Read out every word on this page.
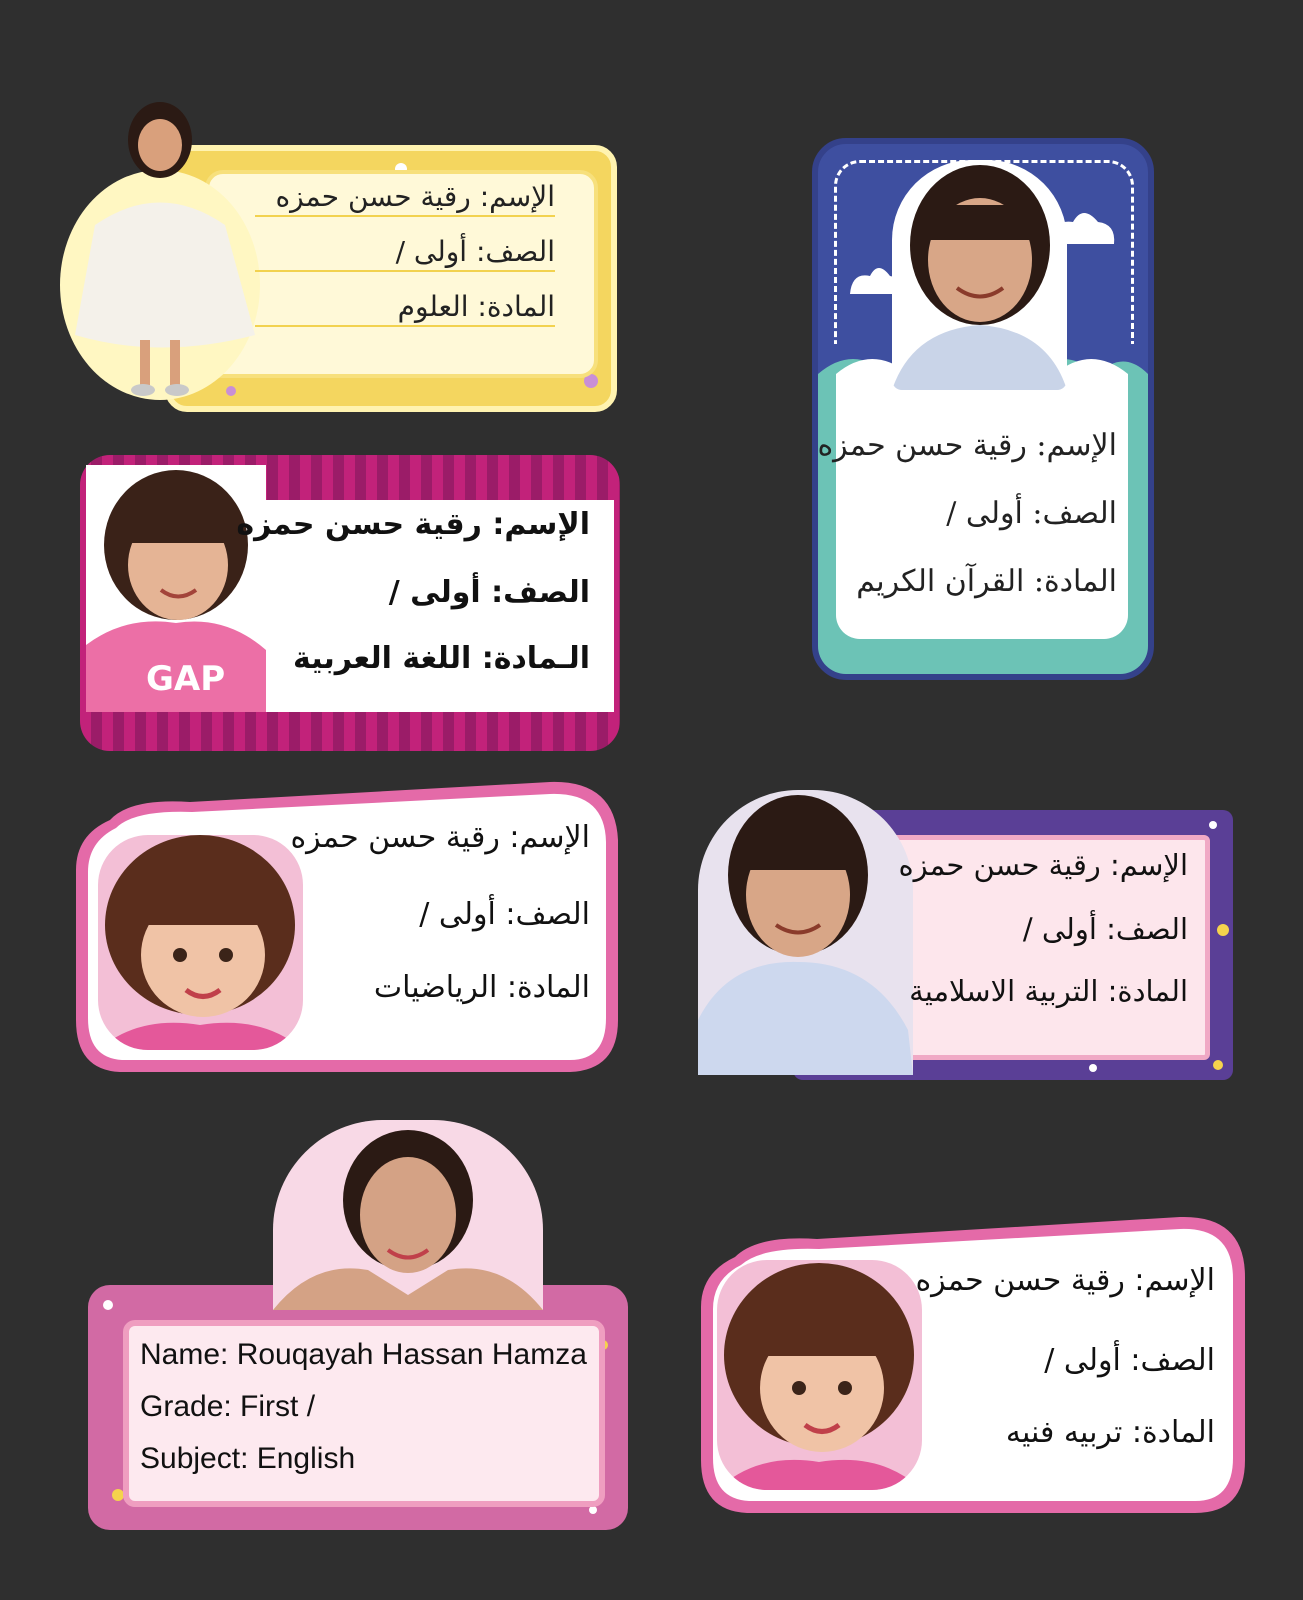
الإسم: رقية حسن حمزه
الصف: أولى /
المادة: العلوم
الإسم: رقية حسن حمزه
الصف: أولى /
المادة: القرآن الكريم
GAP
الإسم: رقية حسن حمزه
الصف: أولى /
الـمادة: اللغة العربية
الإسم: رقية حسن حمزه
الصف: أولى /
المادة: الرياضيات
الإسم: رقية حسن حمزه
الصف: أولى /
المادة: التربية الاسلامية
Name: Rouqayah Hassan Hamza
Grade: First /
Subject: English
الإسم: رقية حسن حمزه
الصف: أولى /
المادة: تربيه فنيه
